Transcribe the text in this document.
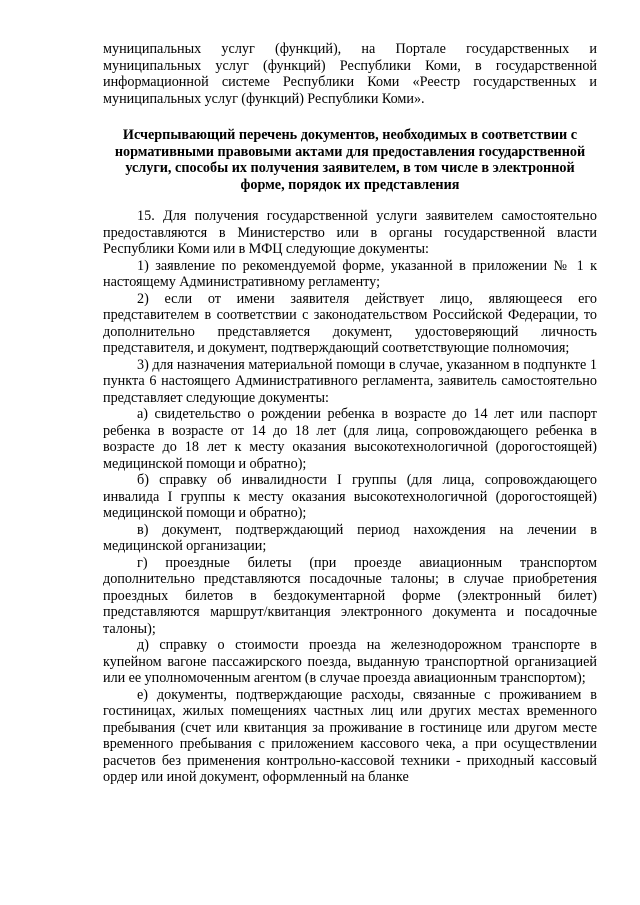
муниципальных услуг (функций), на Портале государственных и муниципальных услуг (функций) Республики Коми, в государственной информационной системе Республики Коми «Реестр государственных и муниципальных услуг (функций) Республики Коми».

Исчерпывающий перечень документов, необходимых в соответствии с нормативными правовыми актами для предоставления государственной услуги, способы их получения заявителем, в том числе в электронной форме, порядок их представления

15. Для получения государственной услуги заявителем самостоятельно предоставляются в Министерство или в органы государственной власти Республики Коми или в МФЦ следующие документы:

1) заявление по рекомендуемой форме, указанной в приложении № 1 к настоящему Административному регламенту;

2) если от имени заявителя действует лицо, являющееся его представителем в соответствии с законодательством Российской Федерации, то дополнительно представляется документ, удостоверяющий личность представителя, и документ, подтверждающий соответствующие полномочия;

3) для назначения материальной помощи в случае, указанном в подпункте 1 пункта 6 настоящего Административного регламента, заявитель самостоятельно представляет следующие документы:

а) свидетельство о рождении ребенка в возрасте до 14 лет или паспорт ребенка в возрасте от 14 до 18 лет (для лица, сопровождающего ребенка в возрасте до 18 лет к месту оказания высокотехнологичной (дорогостоящей) медицинской помощи и обратно);

б) справку об инвалидности I группы (для лица, сопровождающего инвалида I группы к месту оказания высокотехнологичной (дорогостоящей) медицинской помощи и обратно);

в) документ, подтверждающий период нахождения на лечении в медицинской организации;

г) проездные билеты (при проезде авиационным транспортом дополнительно представляются посадочные талоны; в случае приобретения проездных билетов в бездокументарной форме (электронный билет) представляются маршрут/квитанция электронного документа и посадочные талоны);

д) справку о стоимости проезда на железнодорожном транспорте в купейном вагоне пассажирского поезда, выданную транспортной организацией или ее уполномоченным агентом (в случае проезда авиационным транспортом);

е) документы, подтверждающие расходы, связанные с проживанием в гостиницах, жилых помещениях частных лиц или других местах временного пребывания (счет или квитанция за проживание в гостинице или другом месте временного пребывания с приложением кассового чека, а при осуществлении расчетов без применения контрольно-кассовой техники - приходный кассовый ордер или иной документ, оформленный на бланке
